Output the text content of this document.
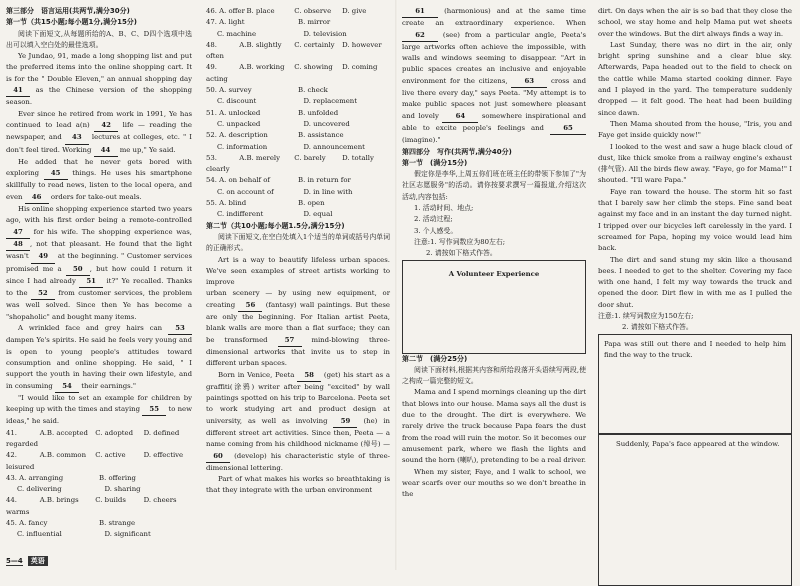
第三部分　语言运用(共两节,满分30分)
第一节（共15小题;每小题1分,满分15分)

阅读下面短文,从每题所给的A、B、C、D四个选项中选出可以填入空白处的最佳选项。

Ye Jundao, 91, made a long shopping list and put the preferred items into the online shopping cart. It is for the " Double Eleven," an annual shopping day 41 as the Chinese version of the shopping season.

Ever since he retired from work in 1991, Ye has continued to lead a(n) 42 life — reading the newspaper, and 43 lectures at colleges, etc. " I don't feel tired. Working 44 me up," Ye said.

He added that he never gets bored with exploring 45 things. He uses his smartphone skillfully to read news, listen to the local opera, and even 46 orders for take-out meals.

His online shopping experience started two years ago, with his first order being a remote-controlled 47 for his wife. The shopping experience was, 48 , not that pleasant. He found that the light wasn't 49 at the beginning. " Customer services promised me a 50 , but how could I return it since I had already 51 it?" Ye recalled. Thanks to the 52 from customer services, the problem was well solved. Since then Ye has become a "shopaholic" and bought many items.

A wrinkled face and grey hairs can 53 dampen Ye's spirits. He said he feels very young and is open to young people's attitudes toward consumption and online shopping. He said, " I support the youth in having their own lifestyle, and in consuming 54 their earnings."

"I would like to set an example for children by keeping up with the times and staying 55 to new ideas," he said.

41. A. regarded
B. accepted	C. adopted	D. defined
42. A. leisured
B. common	C. active	D. effective
43. A. arranging	B. offering
C. delivering	D. sharing
44. A. warms
B. brings	C. builds	D. cheers
45. A. fancy	B. strange
C. influential	D. significant
46. A. offer B. place	C. observe	D. give
47. A. light	B. mirror
C. machine	D. television
48. A. often
B. slightly	C. certainly	D. however
49. A. acting
B. working	C. showing	D. coming
50. A. survey	B. check
C. discount	D. replacement
51. A. unlocked	B. unfolded
C. unpacked	D. uncovered
52. A. description	B. assistance
C. information	D. announcement
53. A. clearly
B. merely	C. barely	D. totally
54. A. on behalf of	B. in return for
C. on account of	D. in line with
55. A. blind	B. open
C. indifferent	D. equal
第二节（共10小题;每小题1.5分,满分15分)

阅读下面短文,在空白处填入1个适当的单词或括号内单词的正确形式。

Art is a way to beautify lifeless urban spaces. We've seen examples of street artists working to improve

urban scenery — by using new equipment, or creating 56 (fantasy) wall paintings. But these are only the beginning. For Italian artist Peeta, blank walls are more than a flat surface; they can be transformed 57 mind-blowing three-dimensional artworks that invite us to step in different urban spaces.

Born in Venice, Peeta 58 (get) his start as a graffiti(涂鸦) writer after being "excited" by wall paintings spotted on his trip to Barcelona. Peeta set to work studying art and product design at university, as well as involving 59 (he) in different street art activities. Since then, Peeta — a name coming from his childhood nickname (绰号) — 60 (develop) his characteristic style of three-dimensional lettering.

Part of what makes his works so breathtaking is that they integrate with the urban environment

61 (harmonious) and at the same time create an extraordinary experience. When 62 (see) from a particular angle, Peeta's large artworks often achieve the impossible, with walls and windows seeming to disappear. "Art in public spaces creates an inclusive and enjoyable environment for the citizens, 63 cross and live there every day," says Peeta. "My attempt is to make public spaces not just somewhere pleasant and lovely 64 somewhere inspirational and able to excite people's feelings and 65 (imagine)."

第四部分　写作(共两节,满分40分)
第一节　(满分15分)

假定你是李华,上周五你们班在班主任的带领下参加了"为社区志愿服务"的活动。请你按要求撰写一篇报道,介绍这次活动,内容包括:

1. 活动时间、地点;

2. 活动过程;

3. 个人感受。

注意:1. 写作词数应为80左右;

2. 请按如下格式作答。

A Volunteer Experience
第二节　(满分25分)

阅读下面材料,根据其内容和所给段落开头语续写两段,使之构成一篇完整的短文。

Mama and I spend mornings cleaning up the dirt that blows into our house. Mama says all the dust is due to the drought. The dirt is everywhere. We rarely drive the truck because Papa fears the dust from the road will ruin the motor. So it becomes our amusement park, where we flash the lights and sound the horn (喇叭), pretending to be a real driver.

When my sister, Faye, and I walk to school, we wear scarfs over our mouths so we don't breathe in the

dirt. On days when the air is so bad that they close the school, we stay home and help Mama put wet sheets over the windows. But the dirt always finds a way in.

Last Sunday, there was no dirt in the air, only bright spring sunshine and a clear blue sky. Afterwards, Papa headed out to the field to check on the cattle while Mama started cooking dinner. Faye and I played in the yard. The temperature suddenly dropped — it felt good. The heat had been building since dawn.

Then Mama shouted from the house, "Iris, you and Faye get inside quickly now!"

I looked to the west and saw a huge black cloud of dust, like thick smoke from a railway engine's exhaust (排气管). All the birds flew away. "Faye, go for Mama!" I shouted. "I'll ware Papa."

Faye ran toward the house. The storm hit so fast that I barely saw her climb the steps. Fine sand beat against my face and in an instant the day turned night. I tripped over our bicycles left carelessly in the yard. I screamed for Papa, hoping my voice would lead him back.

The dirt and sand stung my skin like a thousand bees. I needed to get to the shelter. Covering my face with one hand, I felt my way towards the truck and opened the door. Dirt flew in with me as I pulled the door shut.

注意:1. 续写词数应为150左右;

2. 请按如下格式作答。

Papa was still out there and I needed to help him find the way to the truck.
Suddenly, Papa's face appeared at the window.
5—4	英语
